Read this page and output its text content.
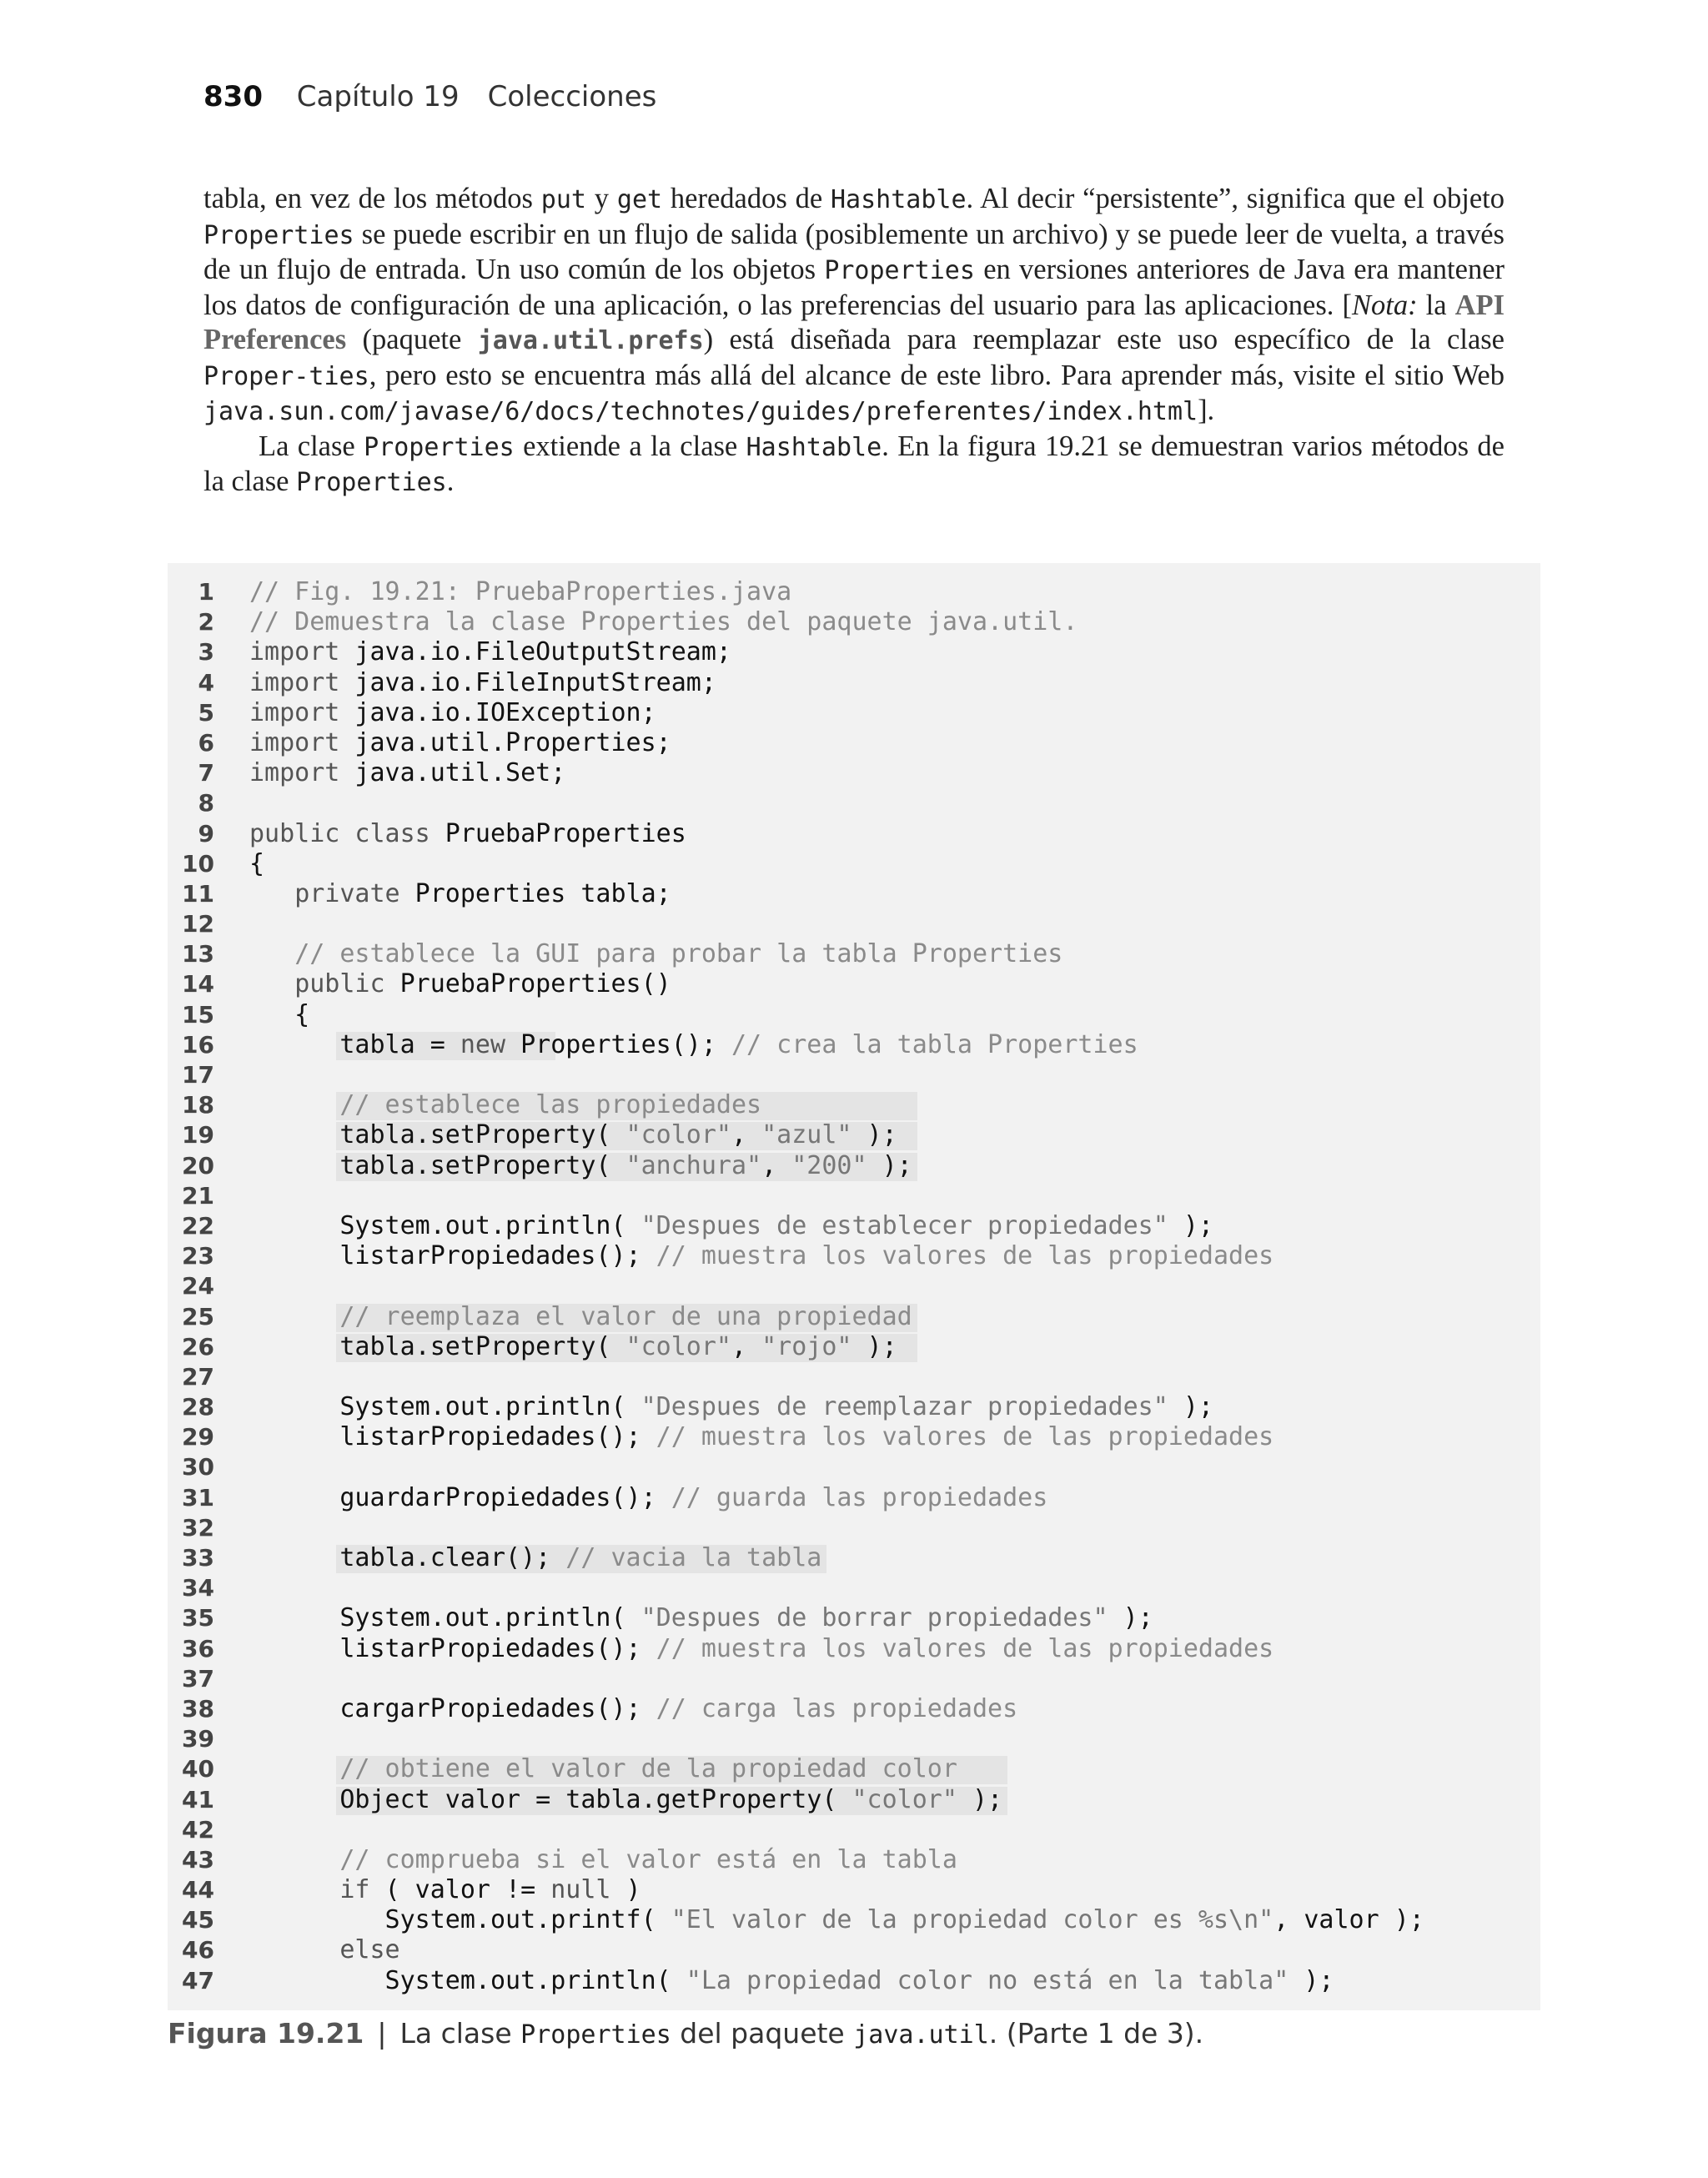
830 Capítulo 19 Colecciones

tabla, en vez de los métodos put y get heredados de Hashtable. Al decir “persistente”, significa que el objeto Properties se puede escribir en un flujo de salida (posiblemente un archivo) y se puede leer de vuelta, a través de un flujo de entrada. Un uso común de los objetos Properties en versiones anteriores de Java era mantener los datos de configuración de una aplicación, o las preferencias del usuario para las aplicaciones. [Nota: la API Preferences (paquete java.util.prefs) está diseñada para reemplazar este uso específico de la clase Proper-ties, pero esto se encuentra más allá del alcance de este libro. Para aprender más, visite el sitio Web java.sun.com/javase/6/docs/technotes/guides/preferentes/index.html].

La clase Properties extiende a la clase Hashtable. En la figura 19.21 se demuestran varios métodos de la clase Properties.

1 // Fig. 19.21: PruebaProperties.java
2 // Demuestra la clase Properties del paquete java.util.
3 import java.io.FileOutputStream;
4 import java.io.FileInputStream;
5 import java.io.IOException;
6 import java.util.Properties;
7 import java.util.Set;
8
9 public class PruebaProperties
10 {
11	private Properties tabla;
12
13	// establece la GUI para probar la tabla Properties
14	public PruebaProperties()
15 {
16 tabla = new Properties(); // crea la tabla Properties
17
18	// establece las propiedades
19 tabla.setProperty( "color", "azul" );
20 tabla.setProperty( "anchura", "200" );
21
22 System.out.println( "Despues de establecer propiedades" );
23 listarPropiedades(); // muestra los valores de las propiedades
24
25	// reemplaza el valor de una propiedad
26 tabla.setProperty( "color", "rojo" );
27
28 System.out.println( "Despues de reemplazar propiedades" );
29 listarPropiedades(); // muestra los valores de las propiedades
30
31 guardarPropiedades(); // guarda las propiedades
32
33 tabla.clear(); // vacia la tabla
34
35 System.out.println( "Despues de borrar propiedades" );
36 listarPropiedades(); // muestra los valores de las propiedades
37
38 cargarPropiedades(); // carga las propiedades
39
40	// obtiene el valor de la propiedad color
41 Object valor = tabla.getProperty( "color" );
42
43	// comprueba si el valor está en la tabla
44	if ( valor != null )
45 System.out.printf( "El valor de la propiedad color es %s\n", valor );
46	else
47 System.out.println( "La propiedad color no está en la tabla" );
Figura 19.21 | La clase Properties del paquete java.util. (Parte 1 de 3).
